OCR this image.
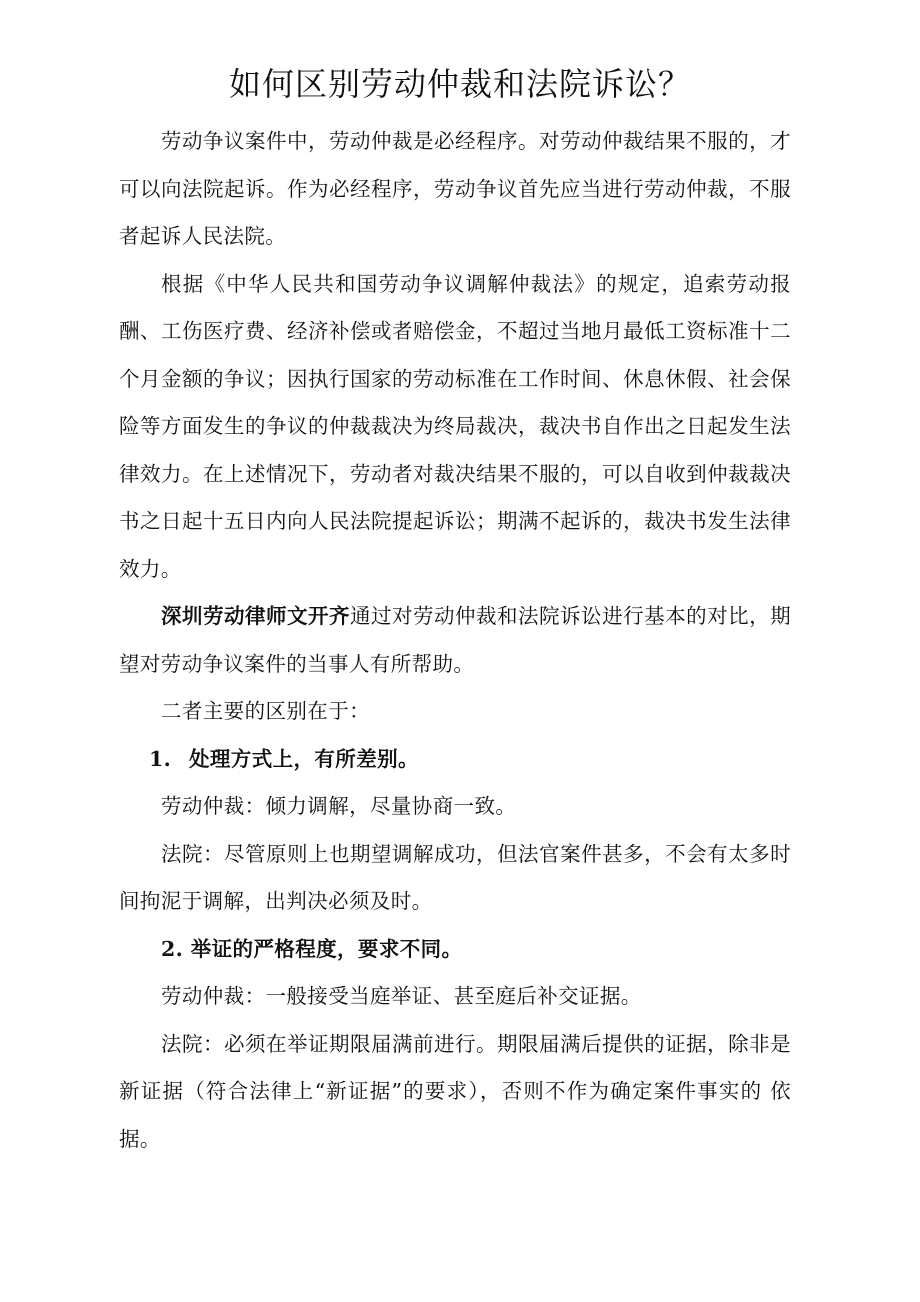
如何区别劳动仲裁和法院诉讼？

劳动争议案件中，劳动仲裁是必经程序。对劳动仲裁结果不服的，才可以向法院起诉。作为必经程序，劳动争议首先应当进行劳动仲裁，不服者起诉人民法院。

根据《中华人民共和国劳动争议调解仲裁法》的规定，追索劳动报酬、工伤医疗费、经济补偿或者赔偿金，不超过当地月最低工资标准十二个月金额的争议；因执行国家的劳动标准在工作时间、休息休假、社会保险等方面发生的争议的仲裁裁决为终局裁决，裁决书自作出之日起发生法律效力。在上述情况下，劳动者对裁决结果不服的，可以自收到仲裁裁决书之日起十五日内向人民法院提起诉讼；期满不起诉的，裁决书发生法律效力。

深圳劳动律师文开齐通过对劳动仲裁和法院诉讼进行基本的对比，期望对劳动争议案件的当事人有所帮助。

二者主要的区别在于：

1. 处理方式上，有所差别。

劳动仲裁：倾力调解，尽量协商一致。

法院：尽管原则上也期望调解成功，但法官案件甚多，不会有太多时间拘泥于调解，出判决必须及时。

2. 举证的严格程度，要求不同。

劳动仲裁：一般接受当庭举证、甚至庭后补交证据。

法院：必须在举证期限届满前进行。期限届满后提供的证据，除非是新证据（符合法律上“新证据”的要求），否则不作为确定案件事实的 依据。
